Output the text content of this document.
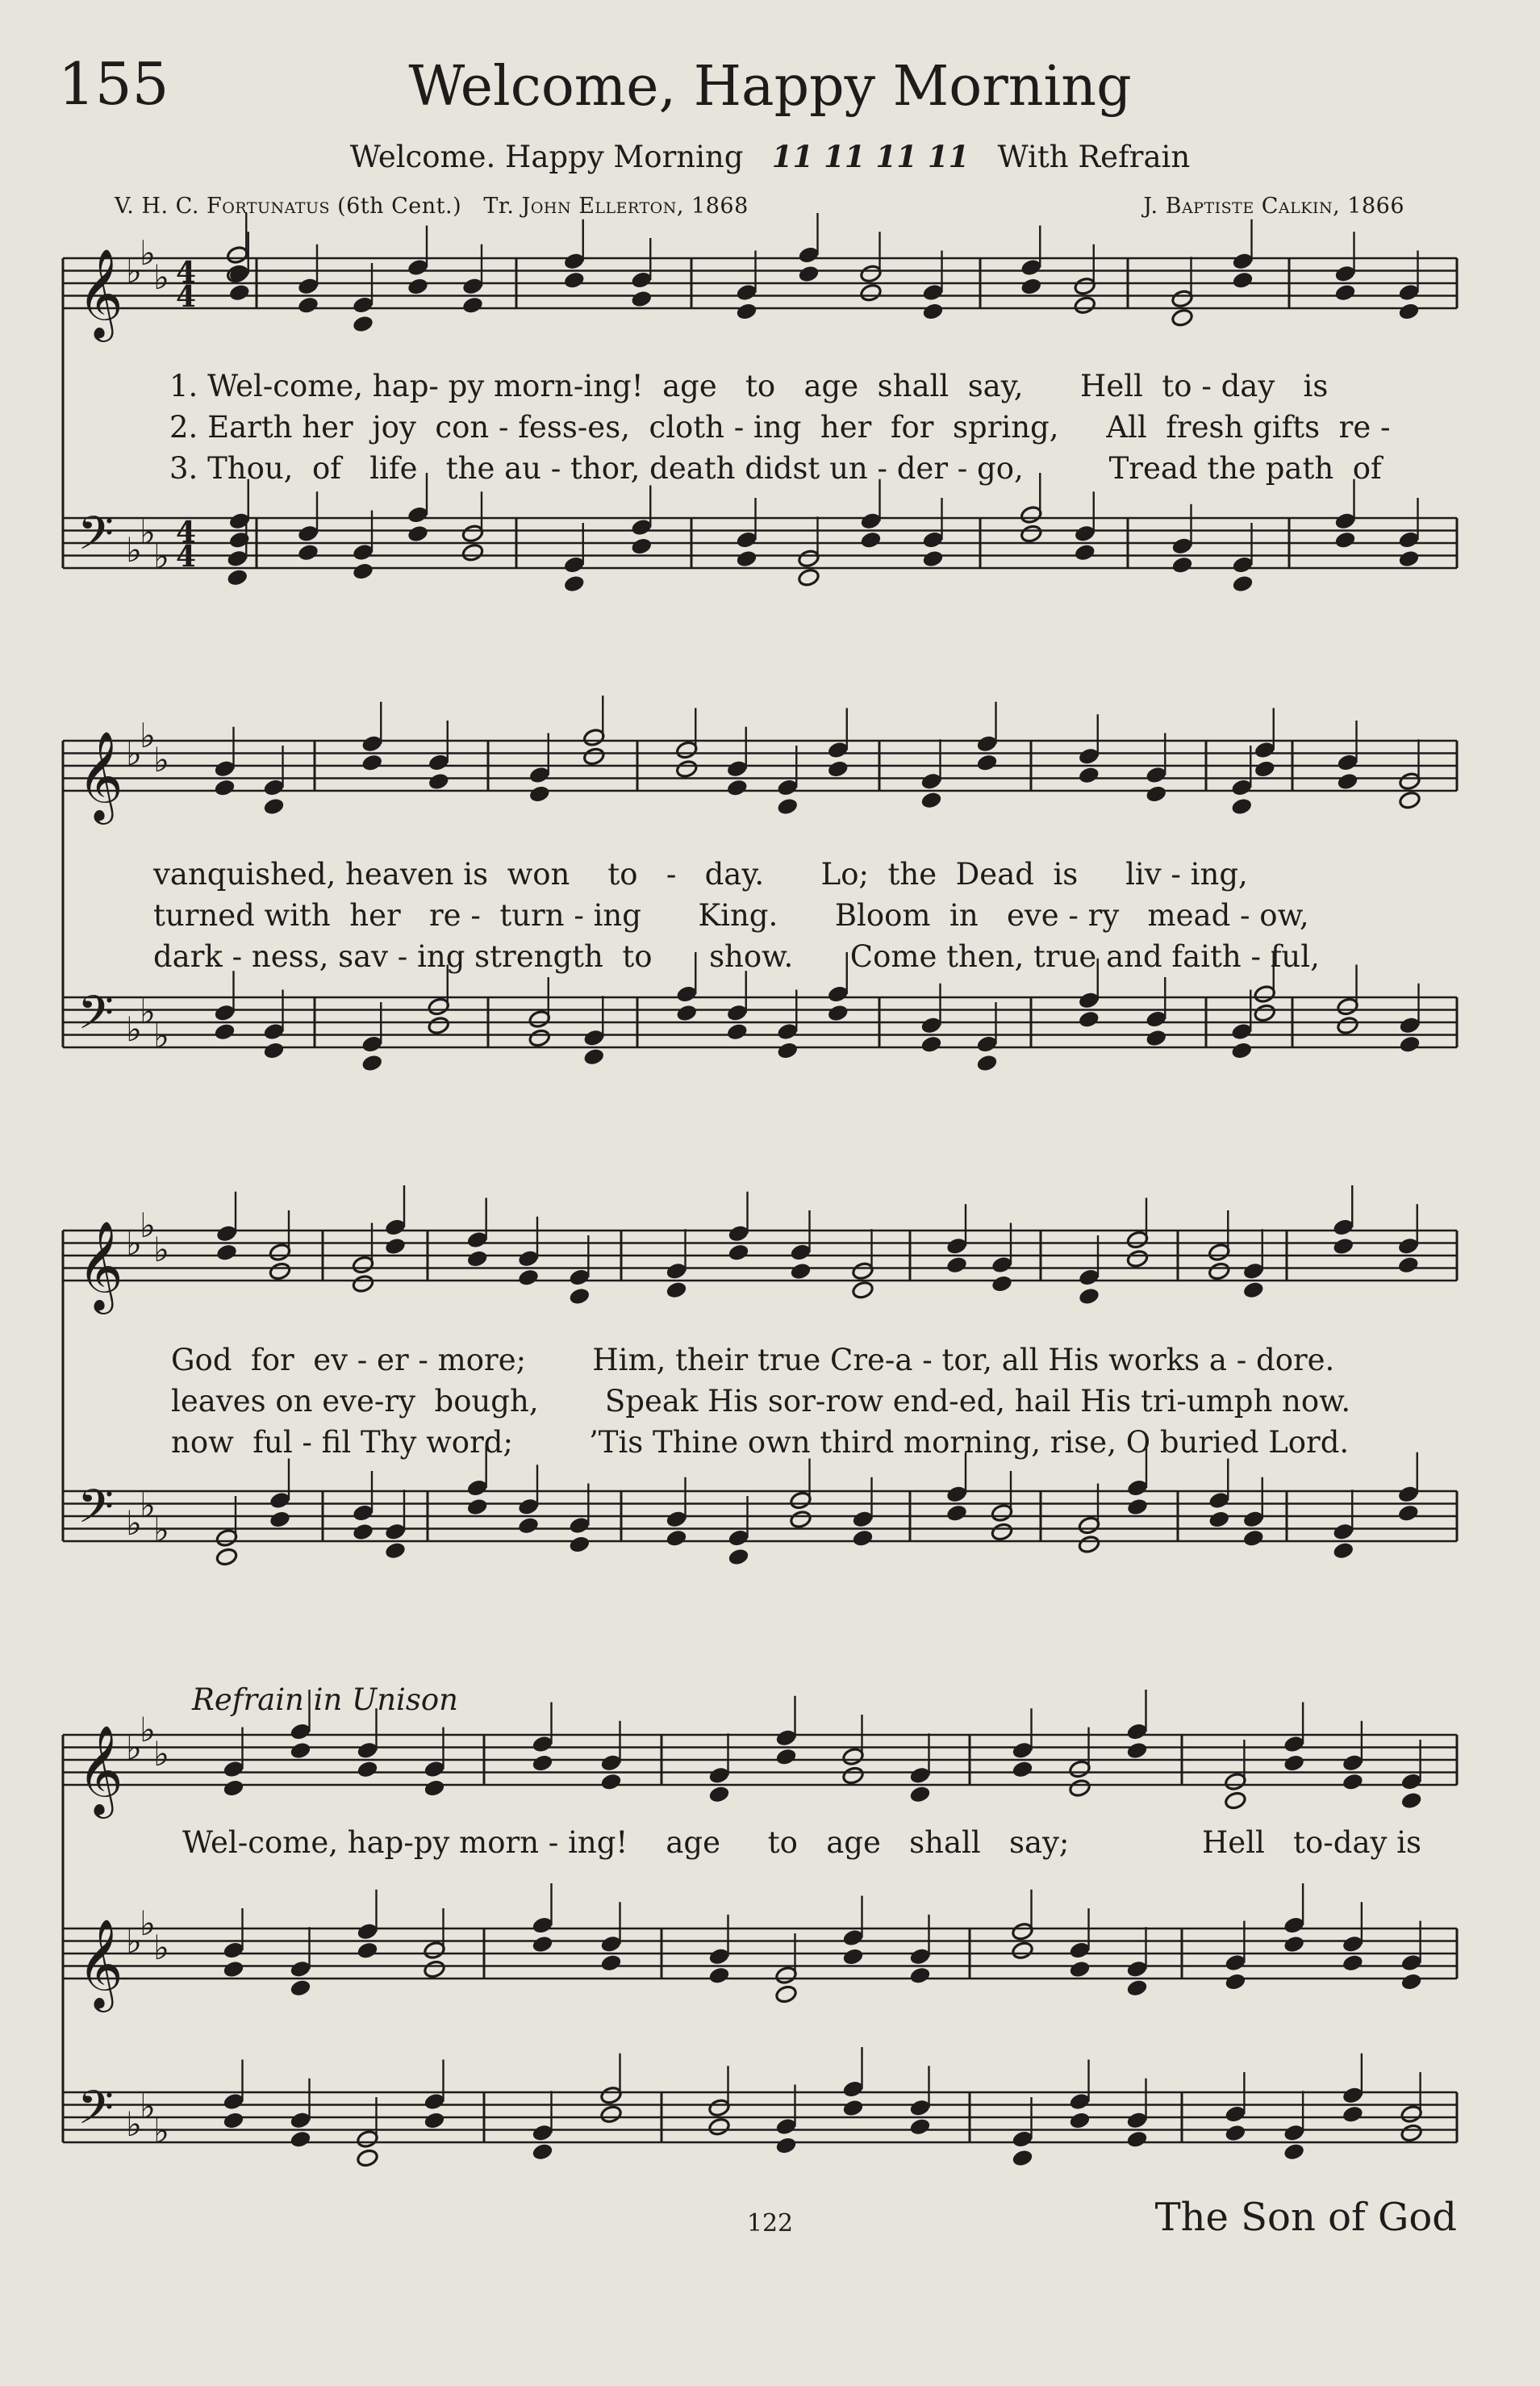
155	Welcome, Happy Morning
Welcome. Happy Morning 11 11 11 11 With Refrain
V. H. C. Fortunatus (6th Cent.) Tr. John Ellerton, 1868	J. Baptiste Calkin, 1866
𝄞 ♭
♭
♭ 4
4
𝄢 ♭
♭
♭
4
4
𝄞 ♭
♭
♭
𝄢 ♭
♭
♭
𝄞 ♭
♭
♭
𝄢 ♭
♭
♭
𝄞 ♭
♭
♭
𝄞 ♭
♭
♭
𝄢 ♭
♭
♭
1. Wel-come, hap- py morn-ing!  age   to   age  shall  say,      Hell  to - day   is
2. Earth her  joy  con - fess-es,  cloth - ing  her  for  spring,     All  fresh gifts  re -
3. Thou,  of   life   the au - thor, death didst un - der - go,         Tread the path  of
vanquished, heaven is  won    to   -   day.      Lo;  the  Dead  is     liv - ing,
turned with  her   re -  turn - ing      King.      Bloom  in   eve - ry   mead - ow,
dark - ness, sav - ing strength  to      show.      Come then, true and faith - ful,
God  for  ev - er - more;       Him, their true Cre-a - tor, all His works a - dore.
leaves on eve-ry  bough,       Speak His sor-row end-ed, hail His tri-umph now.
now  ful - fil Thy word;        ’Tis Thine own third morning, rise, O buried Lord.
Refrain in Unison
Wel-come, hap-py morn - ing!    age     to   age   shall   say;              Hell   to-day is
122	The Son of God
